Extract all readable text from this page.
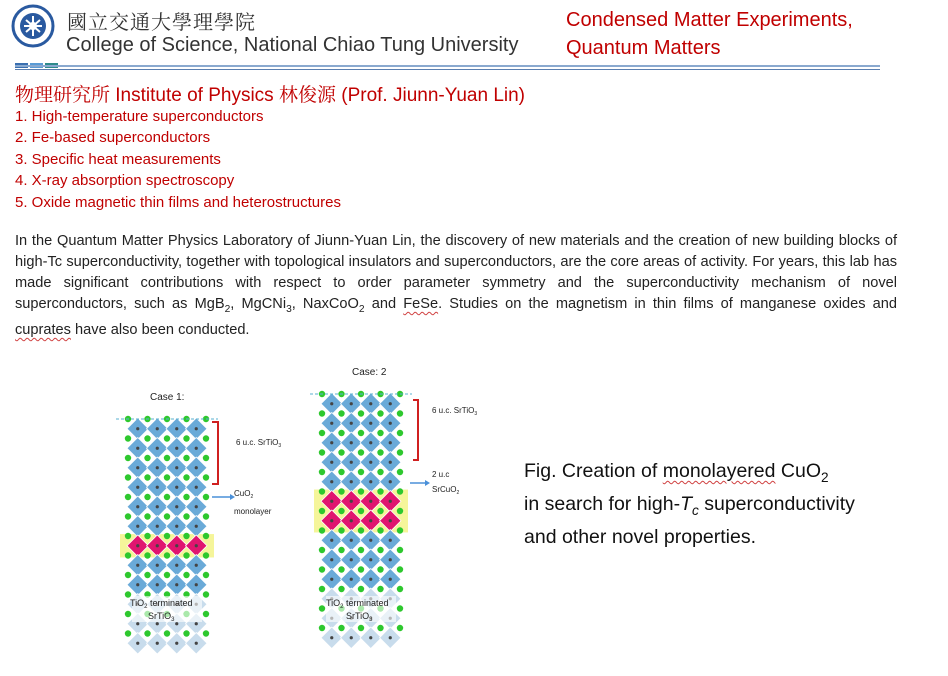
國立交通大學理學院
College of Science, National Chiao Tung University
Condensed Matter Experiments,
Quantum Matters
物理研究所 Institute of Physics 林俊源 (Prof. Jiunn-Yuan Lin)
1. High-temperature superconductors
2. Fe-based superconductors
3. Specific heat measurements
4. X-ray absorption spectroscopy
5. Oxide magnetic thin films and heterostructures

In the Quantum Matter Physics Laboratory of Jiunn-Yuan Lin, the discovery of new materials and the creation of new building blocks of high-Tc superconductivity, together with topological insulators and superconductors, are the core areas of activity. For years, this lab has made significant contributions with respect to order parameter symmetry and the superconductivity mechanism of novel superconductors, such as MgB$_2$, MgCNi$_3$, NaxCoO$_2$ and FeSe. Studies on the magnetism in thin films of manganese oxides and cuprates have also been conducted.

Case 1:
Case: 2
6 u.c. SrTiO$_3$
CuO$_2$
monolayer
6 u.c. SrTiO$_3$
2 u.c
SrCuO$_2$
TiO$_2$ terminated
SrTiO$_3$
TiO$_2$ terminated
SrTiO$_3$
Fig. Creation of monolayered CuO$_2$
in search for high-$T_c$ superconductivity
and other novel properties.
